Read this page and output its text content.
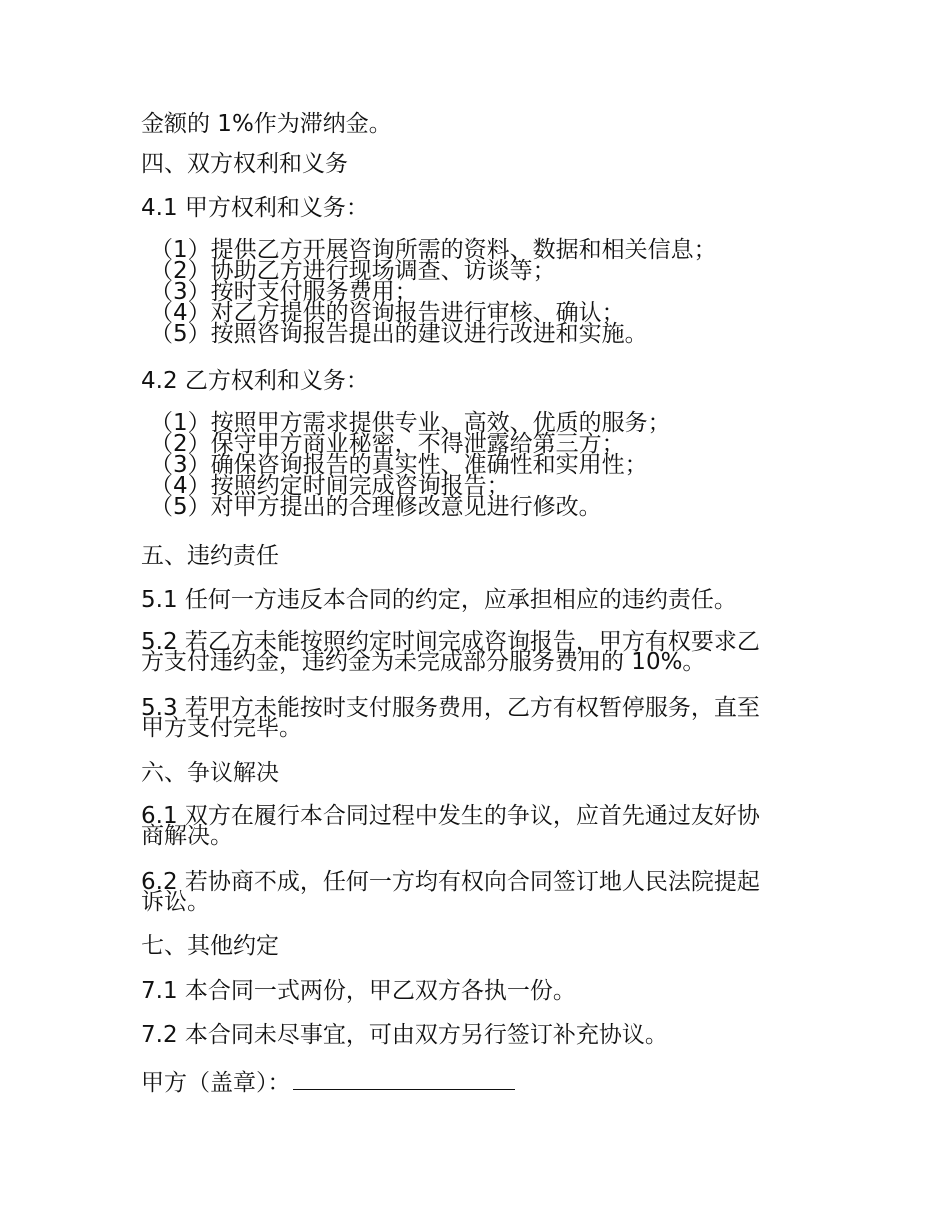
金额的 1%作为滞纳金。

四、双方权利和义务

4.1 甲方权利和义务：

（1）提供乙方开展咨询所需的资料、数据和相关信息；
（2）协助乙方进行现场调查、访谈等；
（3）按时支付服务费用；
（4）对乙方提供的咨询报告进行审核、确认；
（5）按照咨询报告提出的建议进行改进和实施。

4.2 乙方权利和义务：

（1）按照甲方需求提供专业、高效、优质的服务；
（2）保守甲方商业秘密，不得泄露给第三方；
（3）确保咨询报告的真实性、准确性和实用性；
（4）按照约定时间完成咨询报告；
（5）对甲方提出的合理修改意见进行修改。

五、违约责任

5.1 任何一方违反本合同的约定，应承担相应的违约责任。

5.2 若乙方未能按照约定时间完成咨询报告，甲方有权要求乙
方支付违约金，违约金为未完成部分服务费用的 10%。
5.3 若甲方未能按时支付服务费用，乙方有权暂停服务，直至
甲方支付完毕。

六、争议解决

6.1 双方在履行本合同过程中发生的争议，应首先通过友好协
商解决。
6.2 若协商不成，任何一方均有权向合同签订地人民法院提起
诉讼。

七、其他约定

7.1 本合同一式两份，甲乙双方各执一份。

7.2 本合同未尽事宜，可由双方另行签订补充协议。

甲方（盖章）：
